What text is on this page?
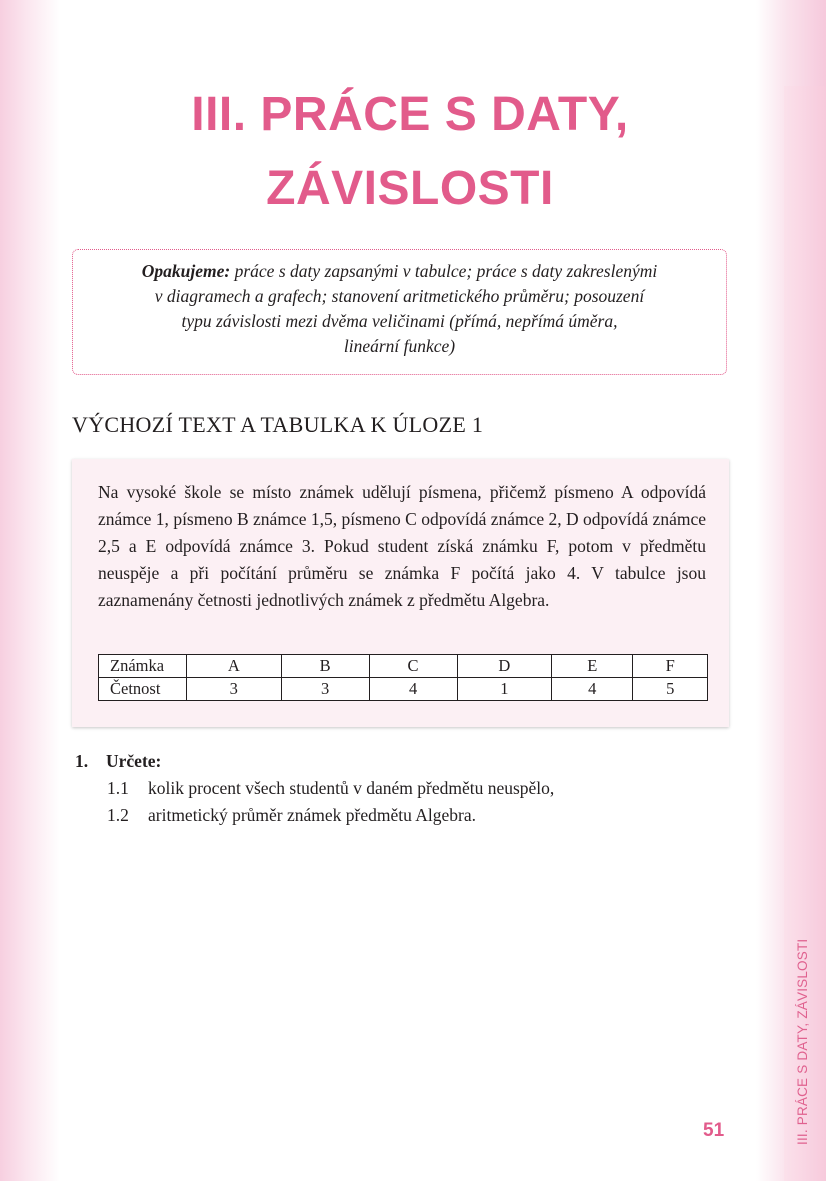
III. PRÁCE S DATY, ZÁVISLOSTI
III. PRÁCE S DATY,
ZÁVISLOSTI
Opakujeme: práce s daty zapsanými v tabulce; práce s daty zakreslenými
v diagramech a grafech; stanovení aritmetického průměru; posouzení
typu závislosti mezi dvěma veličinami (přímá, nepřímá úměra,
lineární funkce)
VÝCHOZÍ TEXT A TABULKA K ÚLOZE 1
Na vysoké škole se místo známek udělují písmena, přičemž písmeno A odpovídá známce 1, písmeno B známce 1,5, písmeno C odpovídá známce 2, D odpovídá známce 2,5 a E odpovídá známce 3. Pokud student získá známku F, potom v předmětu neuspěje a při počítání průměru se známka F počítá jako 4. V tabulce jsou zaznamenány četnosti jednotlivých známek z předmětu Algebra.
Známka	A	B	C	D	E	F
Četnost	3	3	4	1	4	5
1. Určete:
1.1 kolik procent všech studentů v daném předmětu neuspělo,
1.2 aritmetický průměr známek předmětu Algebra.
51
